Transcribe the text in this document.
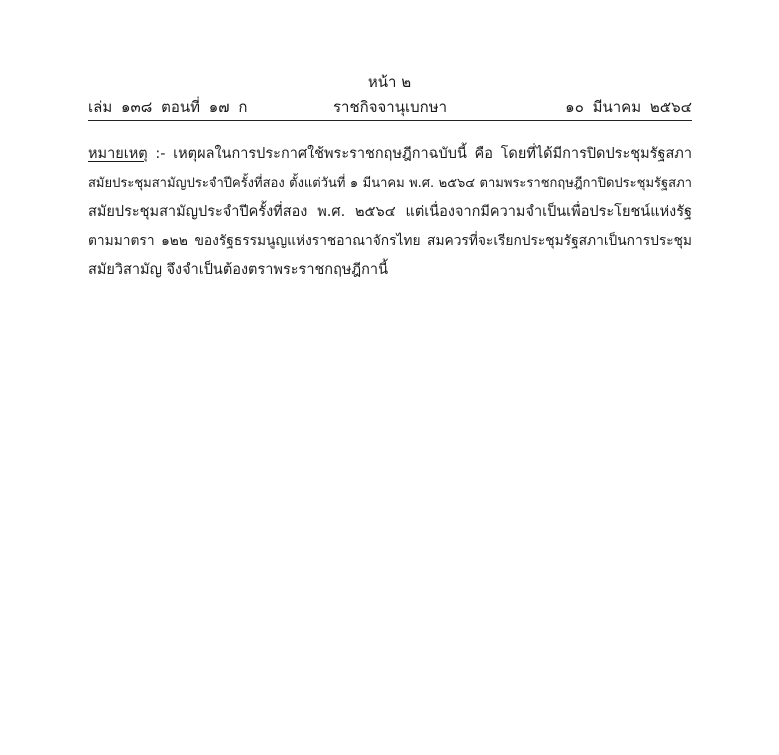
หน้า ๒
เล่ม ๑๓๘ ตอนที่ ๑๗ ก	ราชกิจจานุเบกษา	๑๐ มีนาคม ๒๕๖๔
หมายเหตุ :- เหตุผลในการประกาศใช้พระราชกฤษฎีกาฉบับนี้ คือ โดยที่ได้มีการปิดประชุมรัฐสภา
สมัยประชุมสามัญประจำปีครั้งที่สอง ตั้งแต่วันที่ ๑ มีนาคม พ.ศ. ๒๕๖๔ ตามพระราชกฤษฎีกาปิดประชุมรัฐสภา
สมัยประชุมสามัญประจำปีครั้งที่สอง พ.ศ. ๒๕๖๔ แต่เนื่องจากมีความจำเป็นเพื่อประโยชน์แห่งรัฐ
ตามมาตรา ๑๒๒ ของรัฐธรรมนูญแห่งราชอาณาจักรไทย สมควรที่จะเรียกประชุมรัฐสภาเป็นการประชุม
สมัยวิสามัญ จึงจำเป็นต้องตราพระราชกฤษฎีกานี้
